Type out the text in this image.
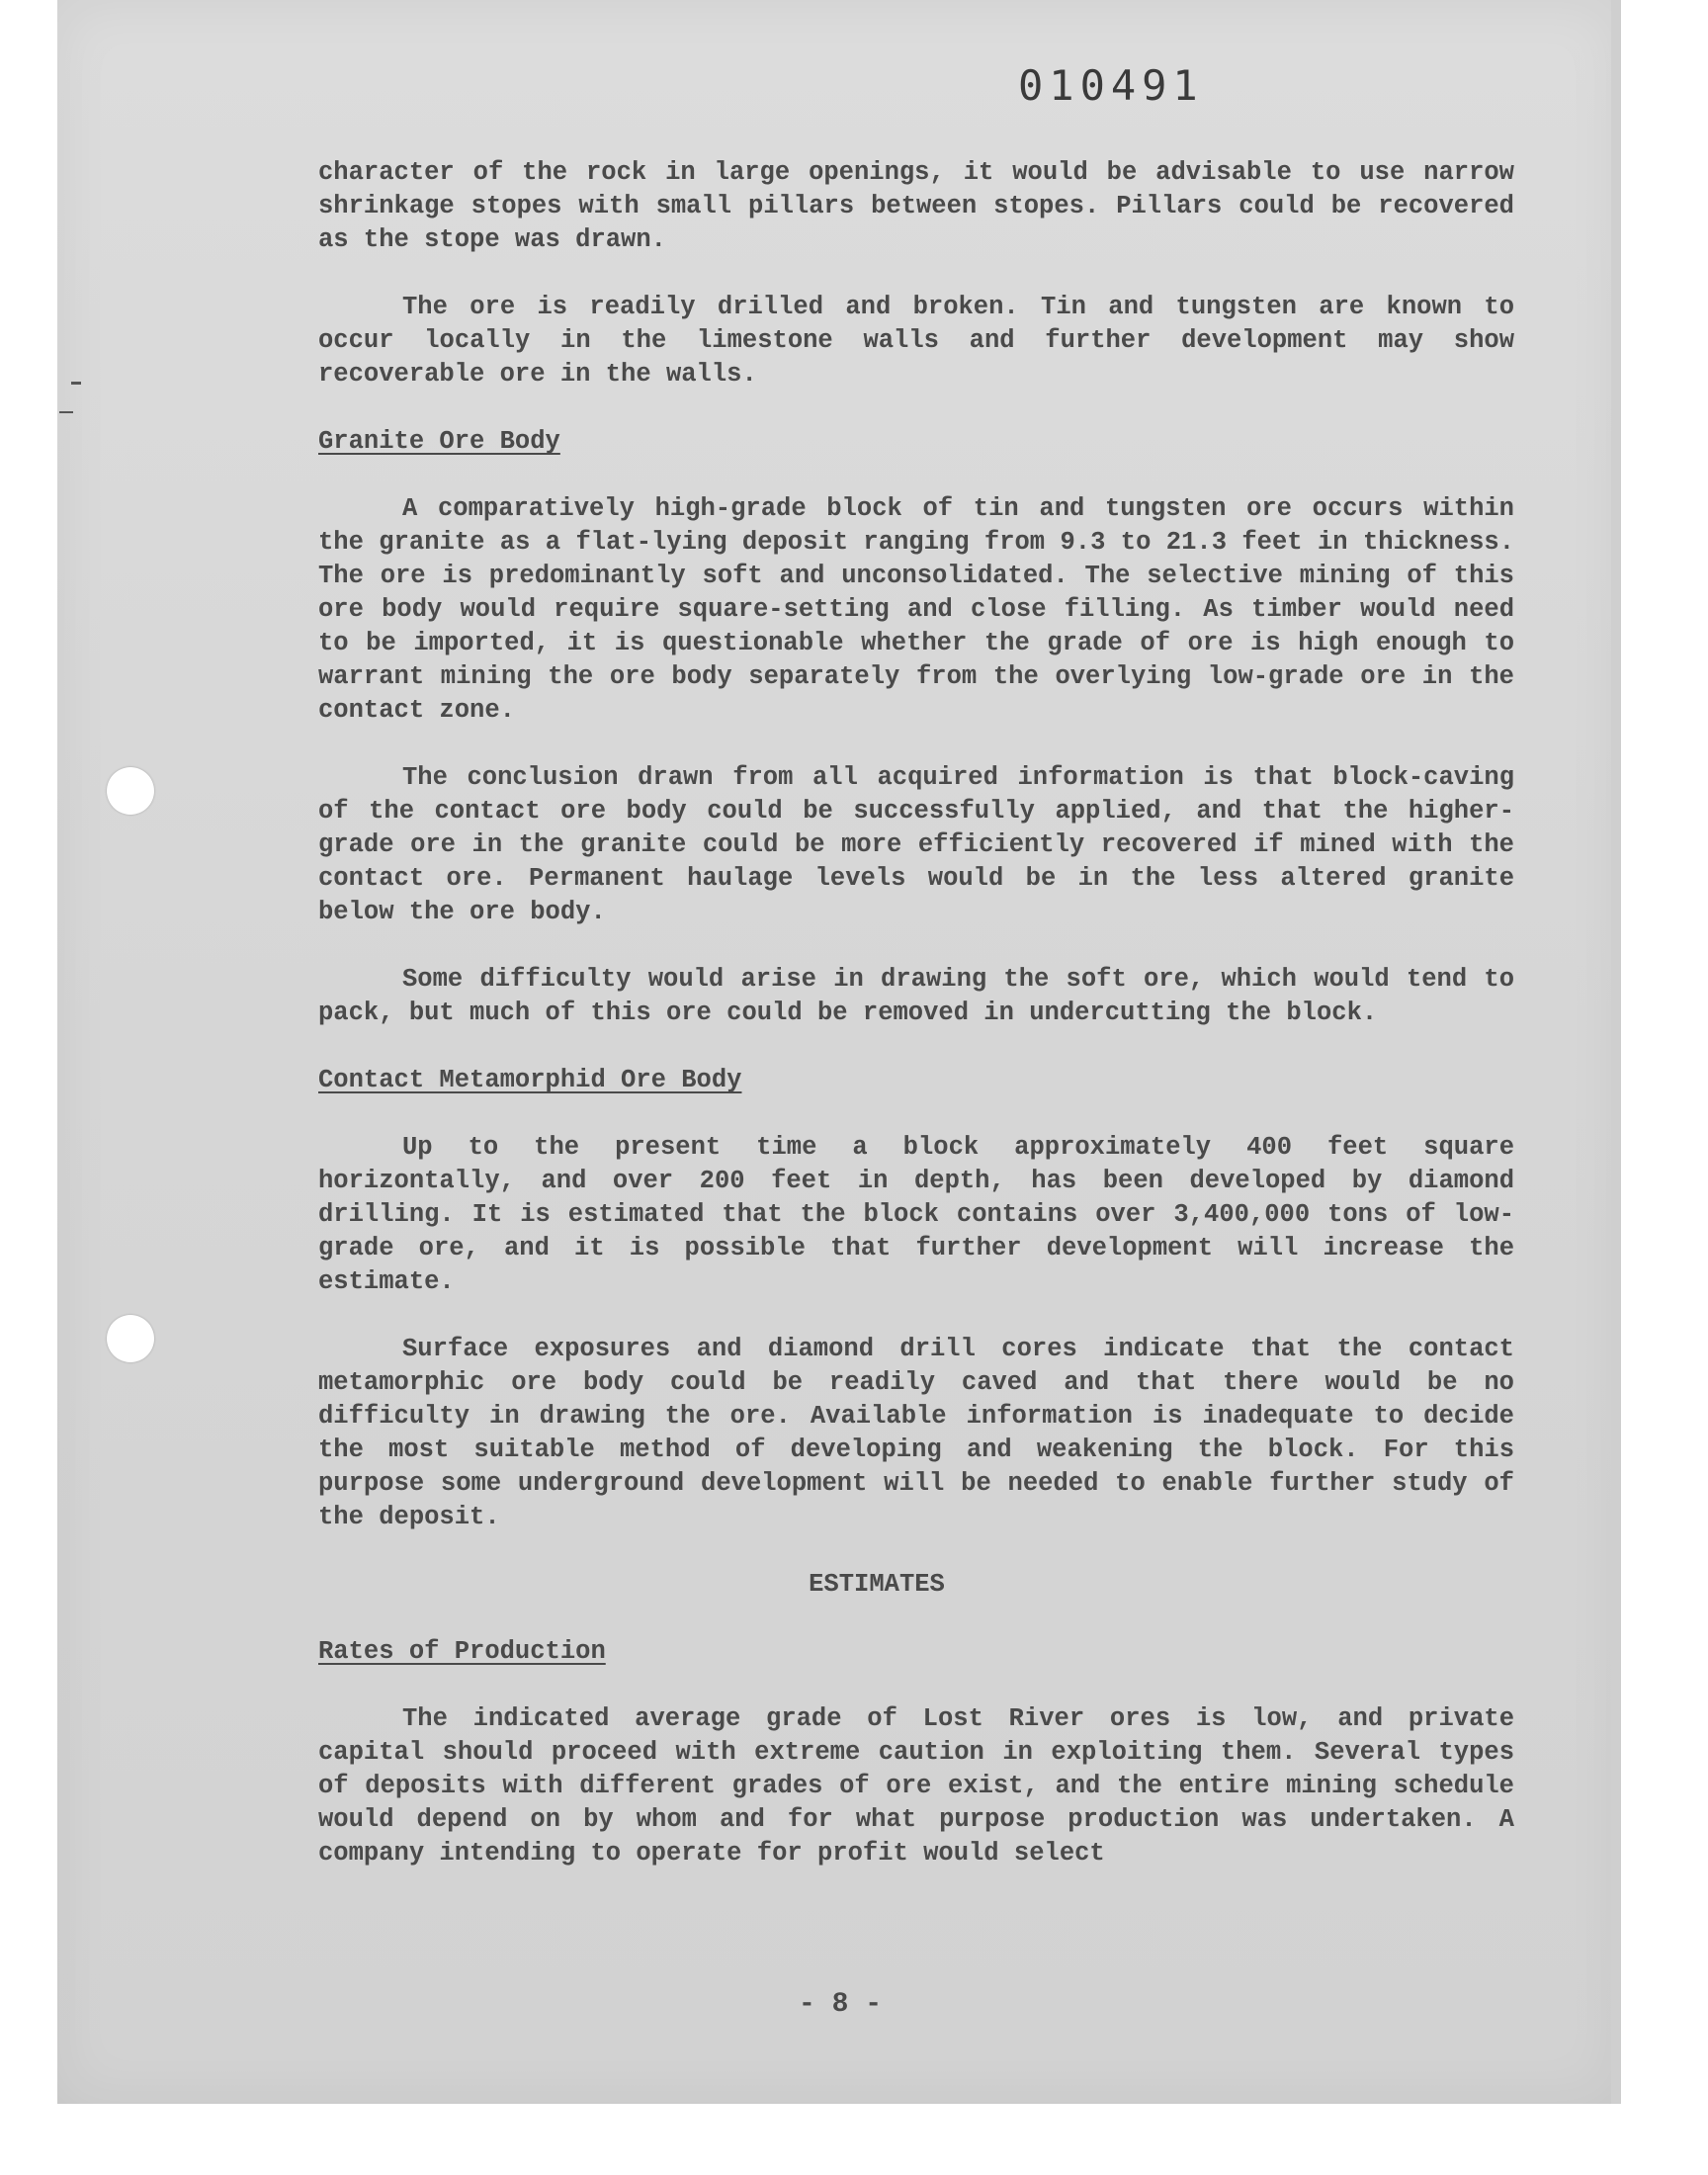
010491

character of the rock in large openings, it would be advisable to use narrow shrinkage stopes with small pillars between stopes. Pillars could be recovered as the stope was drawn.

The ore is readily drilled and broken. Tin and tungsten are known to occur locally in the limestone walls and further development may show recoverable ore in the walls.

Granite Ore Body

A comparatively high-grade block of tin and tungsten ore occurs within the granite as a flat-lying deposit ranging from 9.3 to 21.3 feet in thickness. The ore is predominantly soft and unconsolidated. The selective mining of this ore body would require square-setting and close filling. As timber would need to be imported, it is questionable whether the grade of ore is high enough to warrant mining the ore body separately from the overlying low-grade ore in the contact zone.

The conclusion drawn from all acquired information is that block-caving of the contact ore body could be successfully applied, and that the higher-grade ore in the granite could be more efficiently recovered if mined with the contact ore. Permanent haulage levels would be in the less altered granite below the ore body.

Some difficulty would arise in drawing the soft ore, which would tend to pack, but much of this ore could be removed in undercutting the block.

Contact Metamorphid Ore Body

Up to the present time a block approximately 400 feet square horizontally, and over 200 feet in depth, has been developed by diamond drilling. It is estimated that the block contains over 3,400,000 tons of low-grade ore, and it is possible that further development will increase the estimate.

Surface exposures and diamond drill cores indicate that the contact metamorphic ore body could be readily caved and that there would be no difficulty in drawing the ore. Available information is inadequate to decide the most suitable method of developing and weakening the block. For this purpose some underground development will be needed to enable further study of the deposit.

ESTIMATES

Rates of Production

The indicated average grade of Lost River ores is low, and private capital should proceed with extreme caution in exploiting them. Several types of deposits with different grades of ore exist, and the entire mining schedule would depend on by whom and for what purpose production was undertaken. A company intending to operate for profit would select

- 8 -
